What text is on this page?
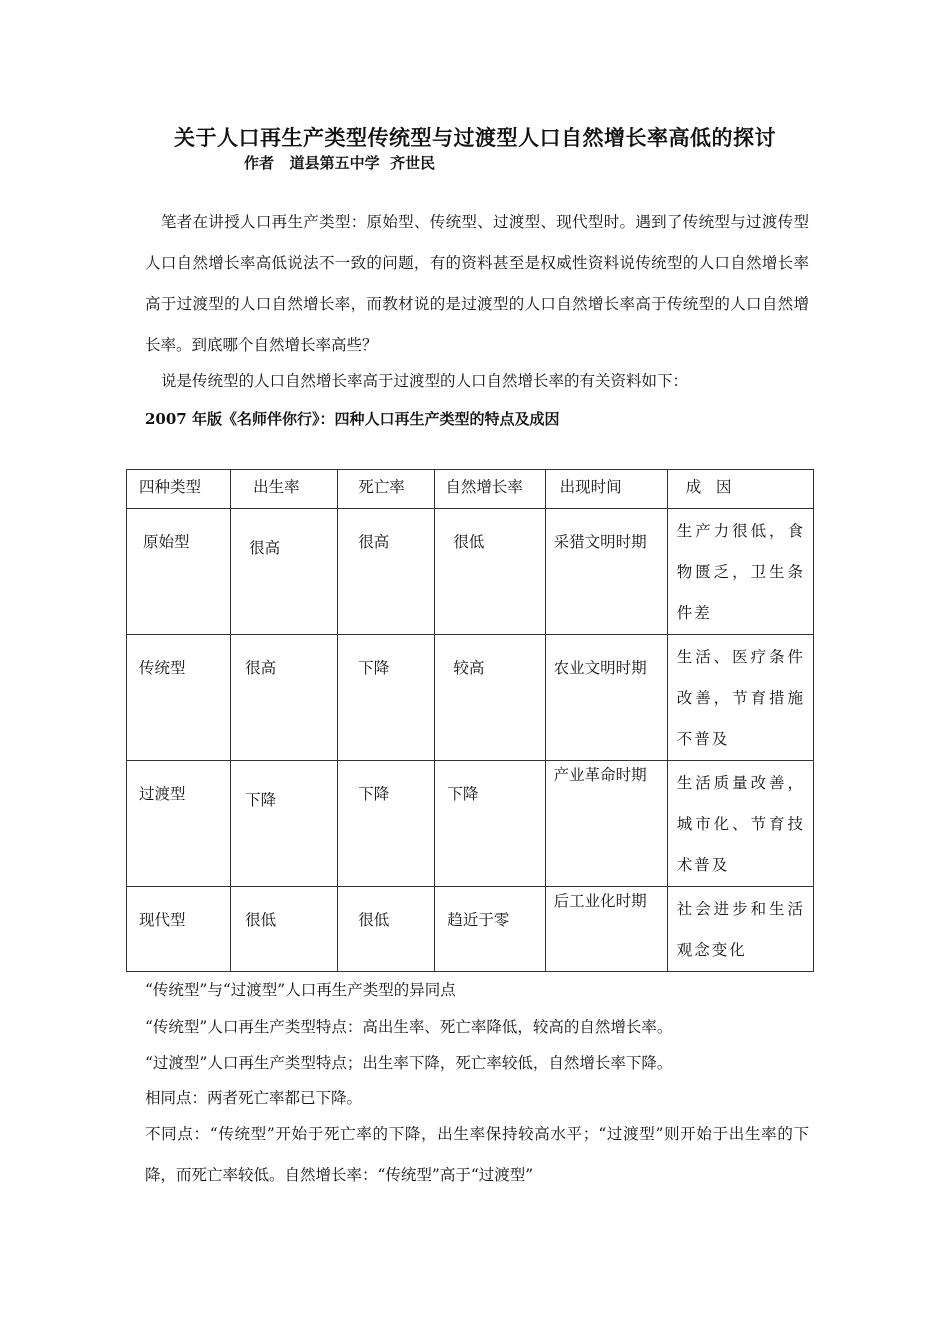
关于人口再生产类型传统型与过渡型人口自然增长率高低的探讨
作者   道县第五中学  齐世民
笔者在讲授人口再生产类型：原始型、传统型、过渡型、现代型时。遇到了传统型与过渡传型人口自然增长率高低说法不一致的问题，有的资料甚至是权威性资料说传统型的人口自然增长率高于过渡型的人口自然增长率，而教材说的是过渡型的人口自然增长率高于传统型的人口自然增长率。到底哪个自然增长率高些？
说是传统型的人口自然增长率高于过渡型的人口自然增长率的有关资料如下：
2007 年版《名师伴你行》：四种人口再生产类型的特点及成因
四种类型	出生率	死亡率	自然增长率	出现时间	成   因

原始型	很高	很高	很低	采猎文明时期	生产力很低，食物匮乏，卫生条件差

传统型	很高	下降	较高	农业文明时期	生活、医疗条件改善，节育措施不普及

过渡型	下降	下降	下降	产业革命时期	生活质量改善，城市化、节育技术普及

现代型	很低	很低	趋近于零	后工业化时期	社会进步和生活观念变化
“传统型”与“过渡型”人口再生产类型的异同点
“传统型”人口再生产类型特点：高出生率、死亡率降低，较高的自然增长率。
“过渡型”人口再生产类型特点；出生率下降，死亡率较低，自然增长率下降。
相同点：两者死亡率都已下降。
不同点：“传统型”开始于死亡率的下降，出生率保持较高水平；“过渡型”则开始于出生率的下降，而死亡率较低。自然增长率：“传统型”高于“过渡型”
